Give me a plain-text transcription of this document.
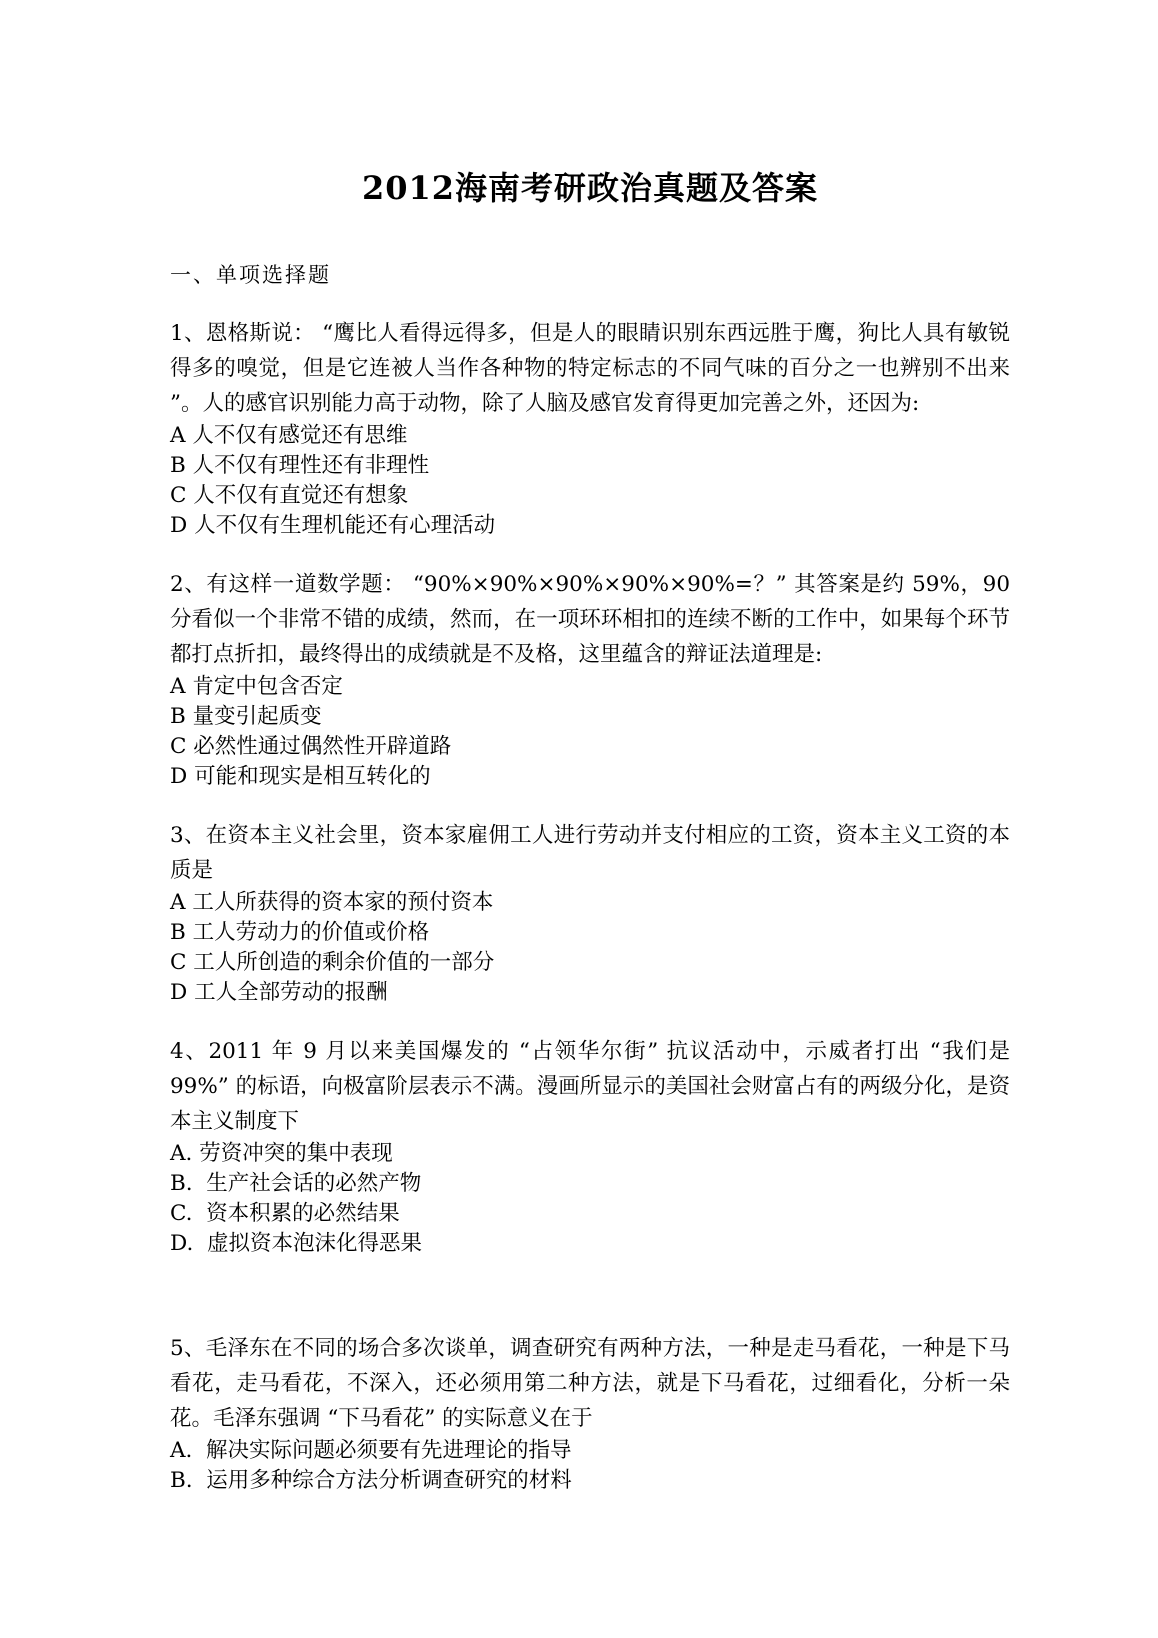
2012海南考研政治真题及答案
一、单项选择题

1、恩格斯说： “鹰比人看得远得多，但是人的眼睛识别东西远胜于鹰，狗比人具有敏锐得多的嗅觉，但是它连被人当作各种物的特定标志的不同气味的百分之一也辨别不出来 ”。人的感官识别能力高于动物，除了人脑及感官发育得更加完善之外，还因为:

A 人不仅有感觉还有思维

B 人不仅有理性还有非理性

C 人不仅有直觉还有想象

D 人不仅有生理机能还有心理活动

2、有这样一道数学题： “90%×90%×90%×90%×90%=？” 其答案是约 59%，90 分看似一个非常不错的成绩，然而，在一项环环相扣的连续不断的工作中，如果每个环节都打点折扣，最终得出的成绩就是不及格，这里蕴含的辩证法道理是:

A 肯定中包含否定

B 量变引起质变

C 必然性通过偶然性开辟道路

D 可能和现实是相互转化的

3、在资本主义社会里，资本家雇佣工人进行劳动并支付相应的工资，资本主义工资的本质是

A 工人所获得的资本家的预付资本

B 工人劳动力的价值或价格

C 工人所创造的剩余价值的一部分

D 工人全部劳动的报酬

4、2011 年 9 月以来美国爆发的 “占领华尔街” 抗议活动中，示威者打出 “我们是 99%” 的标语，向极富阶层表示不满。漫画所显示的美国社会财富占有的两级分化，是资本主义制度下

A. 劳资冲突的集中表现

B.  生产社会话的必然产物

C.  资本积累的必然结果

D.  虚拟资本泡沫化得恶果

5、毛泽东在不同的场合多次谈单，调查研究有两种方法，一种是走马看花，一种是下马看花，走马看花，不深入，还必须用第二种方法，就是下马看花，过细看化，分析一朵花。毛泽东强调 “下马看花” 的实际意义在于

A.  解决实际问题必须要有先进理论的指导

B.  运用多种综合方法分析调查研究的材料
